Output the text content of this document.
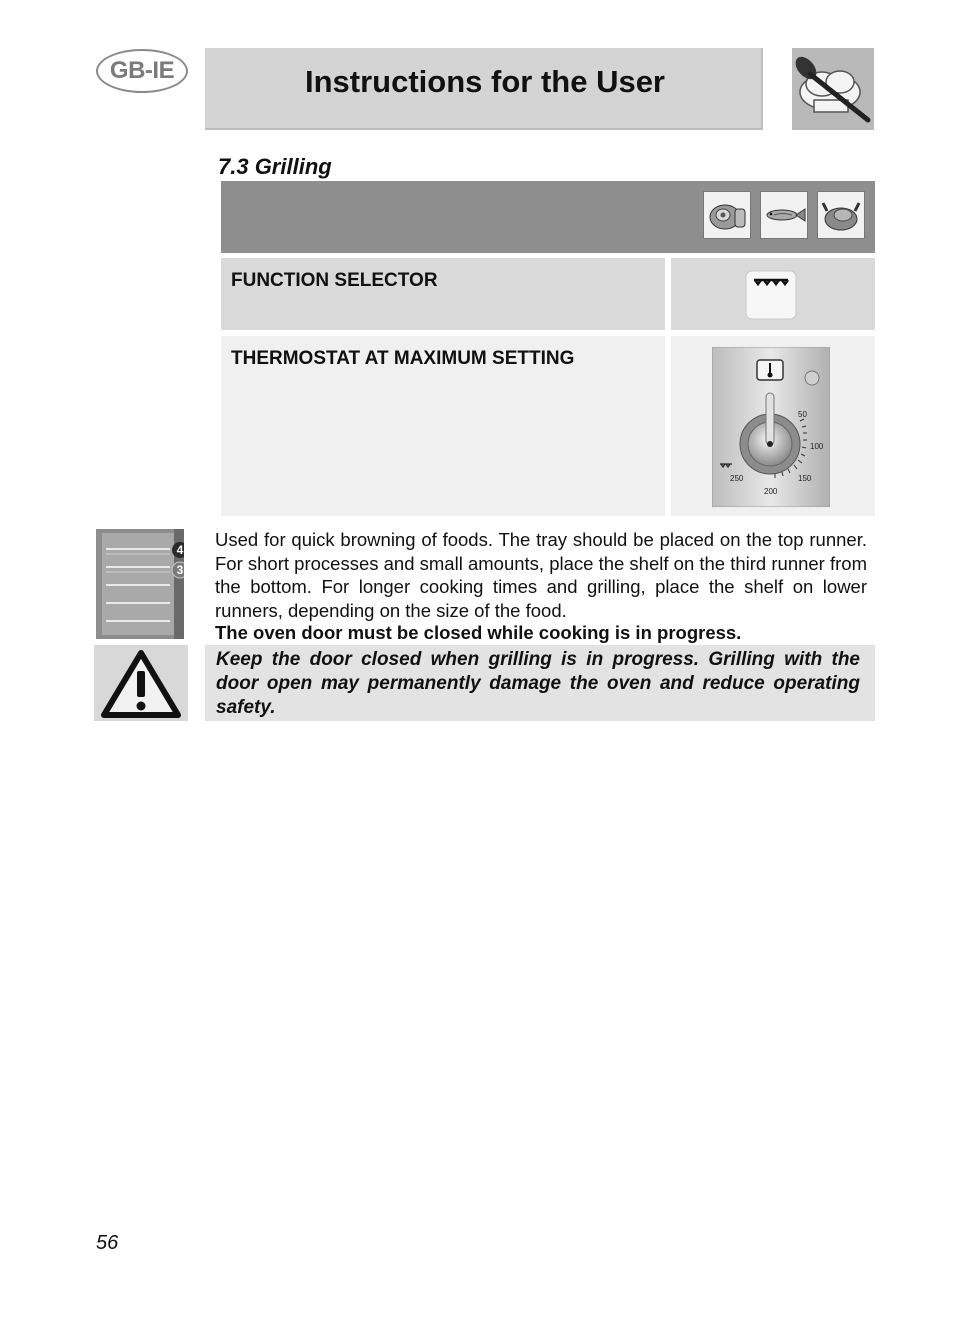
GB-IE	Instructions for the User
7.3 Grilling
FUNCTION SELECTOR
THERMOSTAT AT MAXIMUM SETTING
50
100
150
200
250
4
3
Used for quick browning of foods. The tray should be placed on the top runner. For short processes and small amounts, place the shelf on the third runner from the bottom. For longer cooking times and grilling, place the shelf on lower runners, depending on the size of the food.
The oven door must be closed while cooking is in progress.
Keep the door closed when grilling is in progress. Grilling with the door open may permanently damage the oven and reduce operating safety.
56
